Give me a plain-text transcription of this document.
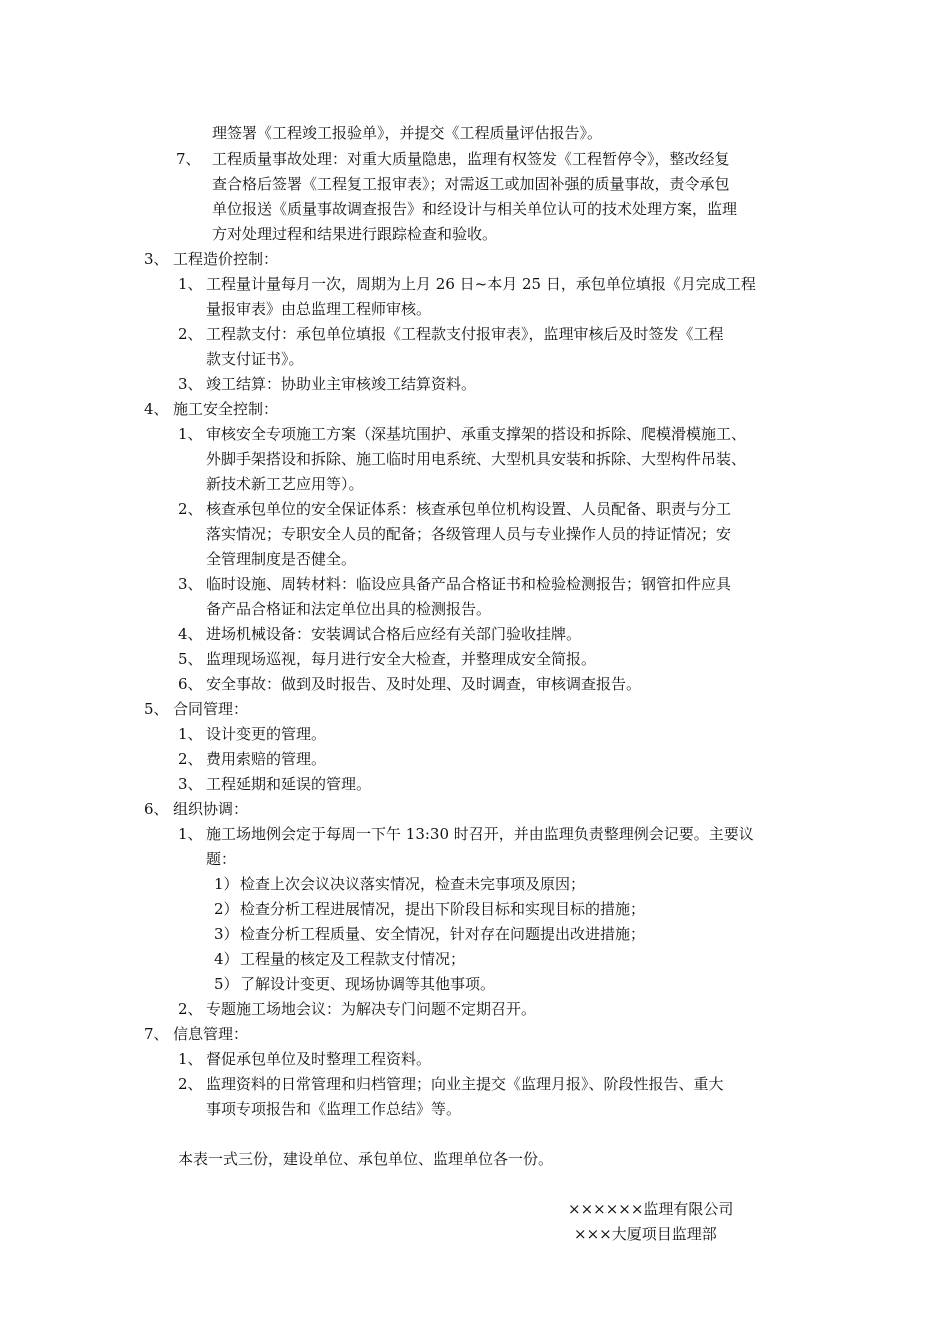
理签署《工程竣工报验单》，并提交《工程质量评估报告》。
7、 工程质量事故处理：对重大质量隐患，监理有权签发《工程暂停令》，整改经复
查合格后签署《工程复工报审表》；对需返工或加固补强的质量事故，责令承包
单位报送《质量事故调查报告》和经设计与相关单位认可的技术处理方案，监理
方对处理过程和结果进行跟踪检查和验收。
3、 工程造价控制：
1、 工程量计量每月一次，周期为上月 26 日~本月 25 日，承包单位填报《月完成工程
量报审表》由总监理工程师审核。
2、 工程款支付：承包单位填报《工程款支付报审表》，监理审核后及时签发《工程
款支付证书》。
3、 竣工结算：协助业主审核竣工结算资料。
4、 施工安全控制：
1、 审核安全专项施工方案（深基坑围护、承重支撑架的搭设和拆除、爬模滑模施工、
外脚手架搭设和拆除、施工临时用电系统、大型机具安装和拆除、大型构件吊装、
新技术新工艺应用等）。
2、 核查承包单位的安全保证体系：核查承包单位机构设置、人员配备、职责与分工
落实情况；专职安全人员的配备；各级管理人员与专业操作人员的持证情况；安
全管理制度是否健全。
3、 临时设施、周转材料：临设应具备产品合格证书和检验检测报告；钢管扣件应具
备产品合格证和法定单位出具的检测报告。
4、 进场机械设备：安装调试合格后应经有关部门验收挂牌。
5、 监理现场巡视，每月进行安全大检查，并整理成安全简报。
6、 安全事故：做到及时报告、及时处理、及时调查，审核调查报告。
5、 合同管理：
1、 设计变更的管理。
2、 费用索赔的管理。
3、 工程延期和延误的管理。
6、 组织协调：
1、 施工场地例会定于每周一下午 13:30 时召开，并由监理负责整理例会记要。主要议
题：
1） 检查上次会议决议落实情况，检查未完事项及原因；
2） 检查分析工程进展情况，提出下阶段目标和实现目标的措施；
3） 检查分析工程质量、安全情况，针对存在问题提出改进措施；
4） 工程量的核定及工程款支付情况；
5） 了解设计变更、现场协调等其他事项。
2、 专题施工场地会议：为解决专门问题不定期召开。
7、 信息管理：
1、 督促承包单位及时整理工程资料。
2、 监理资料的日常管理和归档管理；向业主提交《监理月报》、阶段性报告、重大
事项专项报告和《监理工作总结》等。
本表一式三份，建设单位、承包单位、监理单位各一份。
××××××监理有限公司
×××大厦项目监理部
